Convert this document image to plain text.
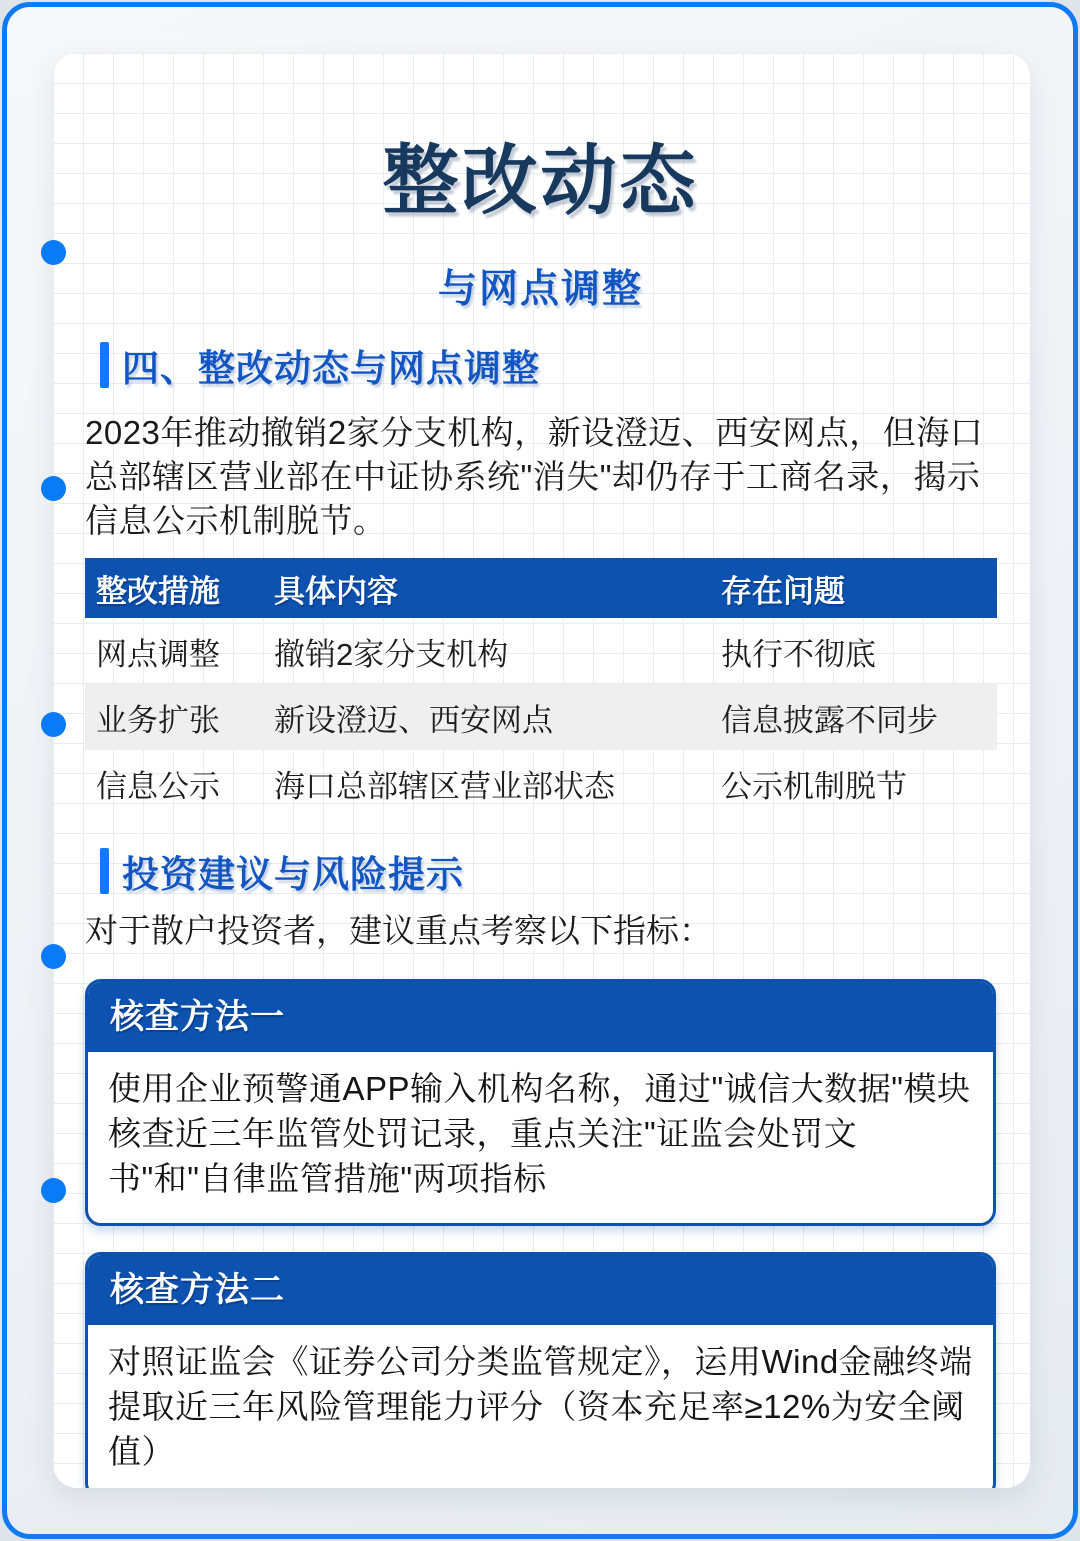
整改动态
与网点调整
四、整改动态与网点调整
2023年推动撤销2家分支机构，新设澄迈、西安网点，但海口总部辖区营业部在中证协系统"消失"却仍存于工商名录，揭示信息公示机制脱节。
整改措施	具体内容	存在问题
网点调整	撤销2家分支机构	执行不彻底
业务扩张	新设澄迈、西安网点	信息披露不同步
信息公示	海口总部辖区营业部状态	公示机制脱节
投资建议与风险提示
对于散户投资者，建议重点考察以下指标：
核查方法一
使用企业预警通APP输入机构名称，通过"诚信大数据"模块核查近三年监管处罚记录，重点关注"证监会处罚文书"和"自律监管措施"两项指标
核查方法二
对照证监会《证券公司分类监管规定》，运用Wind金融终端提取近三年风险管理能力评分（资本充足率≥12%为安全阈值）
